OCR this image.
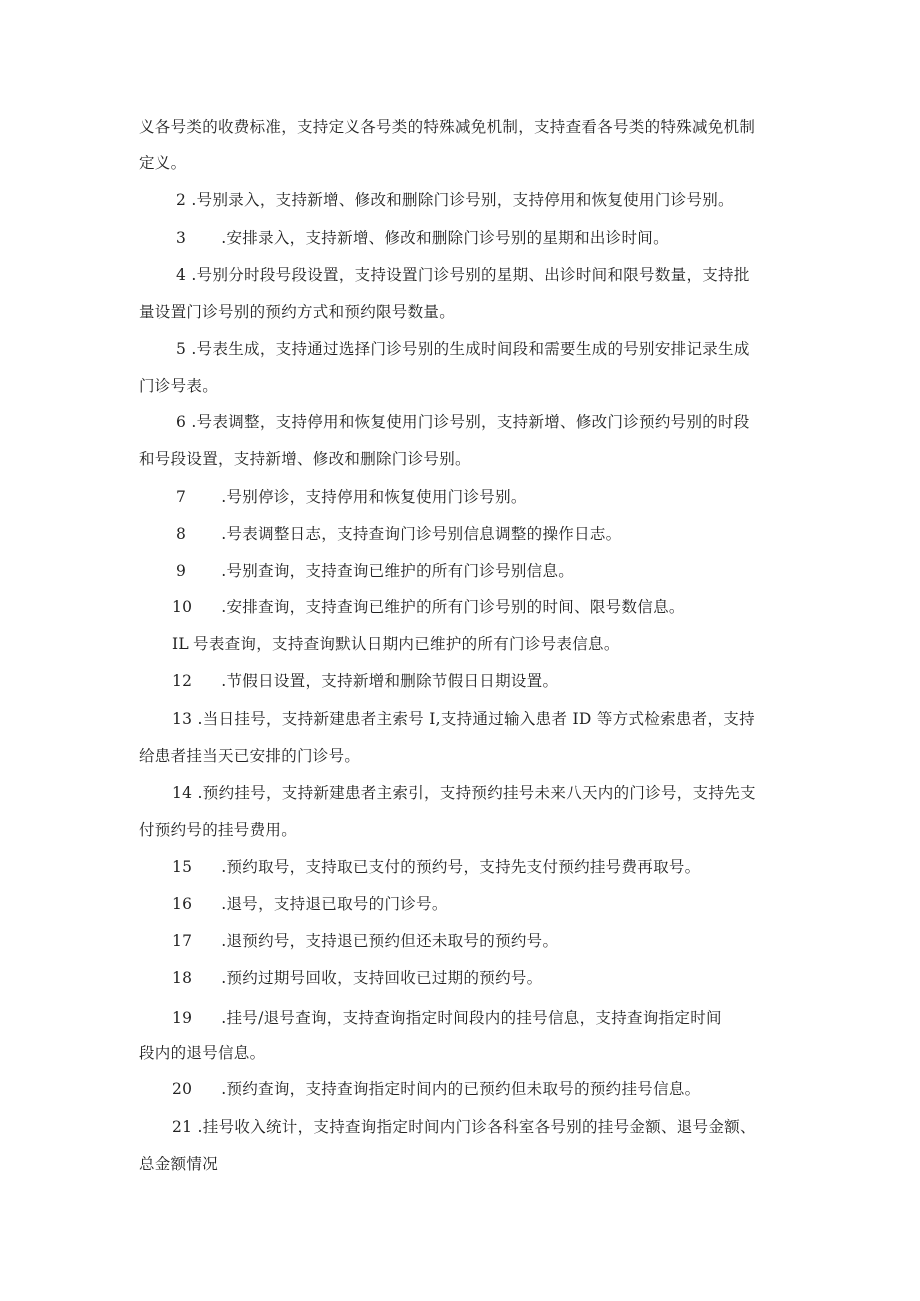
义各号类的收费标准，支持定义各号类的特殊减免机制，支持查看各号类的特殊减免机制

定义。

2 .号别录入，支持新增、修改和删除门诊号别，支持停用和恢复使用门诊号别。

3 .安排录入，支持新增、修改和删除门诊号别的星期和出诊时间。

4 .号别分时段号段设置，支持设置门诊号别的星期、出诊时间和限号数量，支持批

量设置门诊号别的预约方式和预约限号数量。

5 .号表生成，支持通过选择门诊号别的生成时间段和需要生成的号别安排记录生成

门诊号表。

6 .号表调整，支持停用和恢复使用门诊号别，支持新增、修改门诊预约号别的时段

和号段设置，支持新增、修改和删除门诊号别。

7 .号别停诊，支持停用和恢复使用门诊号别。

8 .号表调整日志，支持查询门诊号别信息调整的操作日志。

9 .号别查询，支持查询已维护的所有门诊号别信息。

10 .安排查询，支持查询已维护的所有门诊号别的时间、限号数信息。

IL 号表查询，支持查询默认日期内已维护的所有门诊号表信息。

12 .节假日设置，支持新增和删除节假日日期设置。

13 .当日挂号，支持新建患者主索号 I,支持通过输入患者 ID 等方式检索患者，支持

给患者挂当天已安排的门诊号。

14 .预约挂号，支持新建患者主索引，支持预约挂号未来八天内的门诊号，支持先支

付预约号的挂号费用。

15 .预约取号，支持取已支付的预约号，支持先支付预约挂号费再取号。

16 .退号，支持退已取号的门诊号。

17 .退预约号，支持退已预约但还未取号的预约号。

18 .预约过期号回收，支持回收已过期的预约号。

19 .挂号/退号查询，支持查询指定时间段内的挂号信息，支持查询指定时间

段内的退号信息。

20 .预约查询，支持查询指定时间内的已预约但未取号的预约挂号信息。

21 .挂号收入统计，支持查询指定时间内门诊各科室各号别的挂号金额、退号金额、

总金额情况
